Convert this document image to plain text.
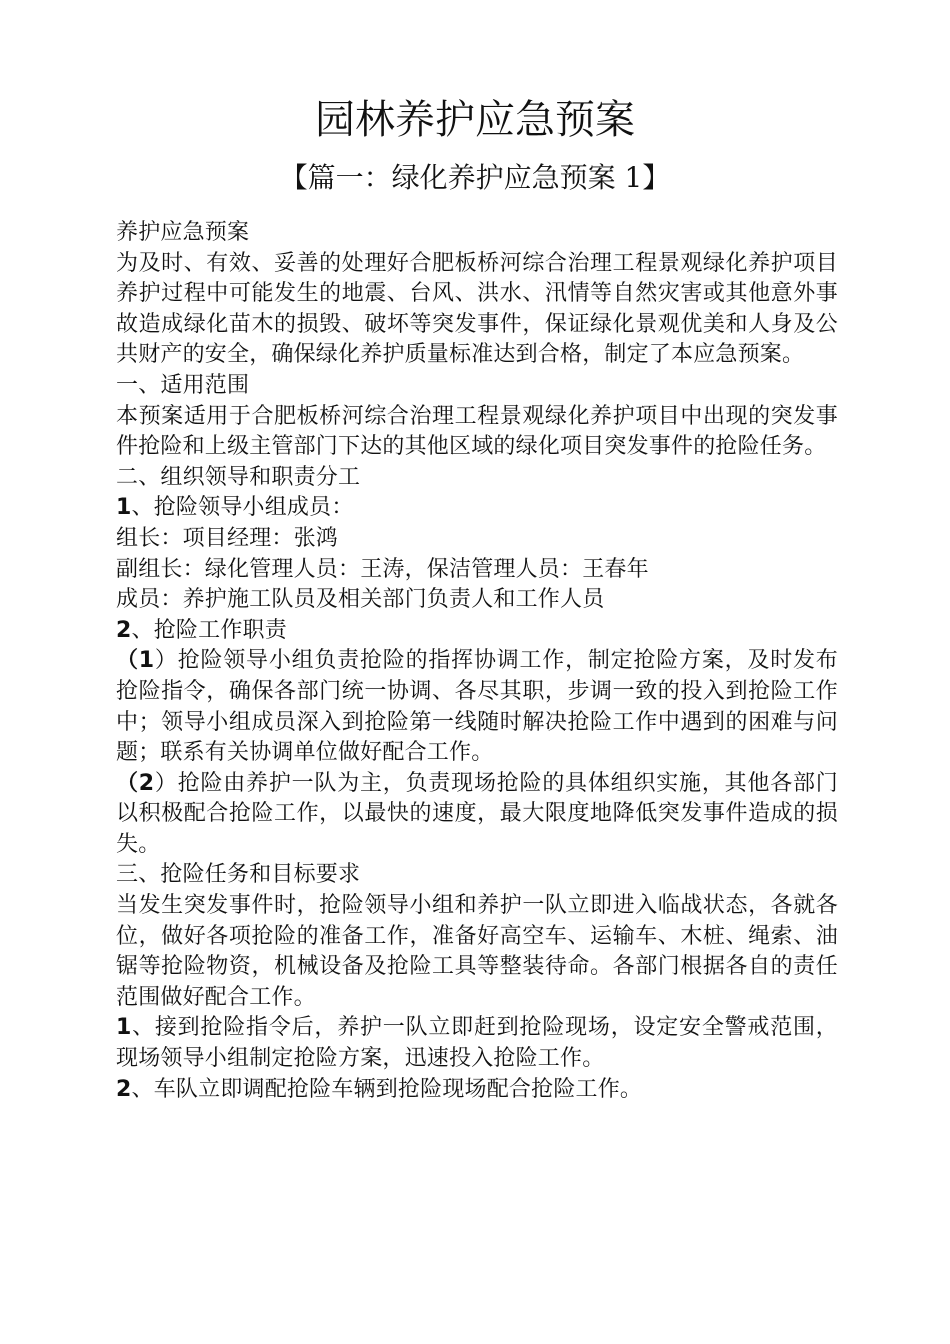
园林养护应急预案
【篇一：绿化养护应急预案 1】

养护应急预案

为及时、有效、妥善的处理好合肥板桥河综合治理工程景观绿化养护项目养护过程中可能发生的地震、台风、洪水、汛情等自然灾害或其他意外事故造成绿化苗木的损毁、破坏等突发事件，保证绿化景观优美和人身及公共财产的安全，确保绿化养护质量标准达到合格，制定了本应急预案。

一、适用范围

本预案适用于合肥板桥河综合治理工程景观绿化养护项目中出现的突发事件抢险和上级主管部门下达的其他区域的绿化项目突发事件的抢险任务。

二、组织领导和职责分工

1、抢险领导小组成员：

组长：项目经理：张鸿

副组长：绿化管理人员：王涛，保洁管理人员：王春年

成员：养护施工队员及相关部门负责人和工作人员

2、抢险工作职责

（1）抢险领导小组负责抢险的指挥协调工作，制定抢险方案，及时发布抢险指令，确保各部门统一协调、各尽其职，步调一致的投入到抢险工作中；领导小组成员深入到抢险第一线随时解决抢险工作中遇到的困难与问题；联系有关协调单位做好配合工作。

（2）抢险由养护一队为主，负责现场抢险的具体组织实施，其他各部门以积极配合抢险工作，以最快的速度，最大限度地降低突发事件造成的损失。

三、抢险任务和目标要求

当发生突发事件时，抢险领导小组和养护一队立即进入临战状态，各就各位，做好各项抢险的准备工作，准备好高空车、运输车、木桩、绳索、油锯等抢险物资，机械设备及抢险工具等整装待命。各部门根据各自的责任范围做好配合工作。

1、接到抢险指令后，养护一队立即赶到抢险现场，设定安全警戒范围，现场领导小组制定抢险方案，迅速投入抢险工作。

2、车队立即调配抢险车辆到抢险现场配合抢险工作。
